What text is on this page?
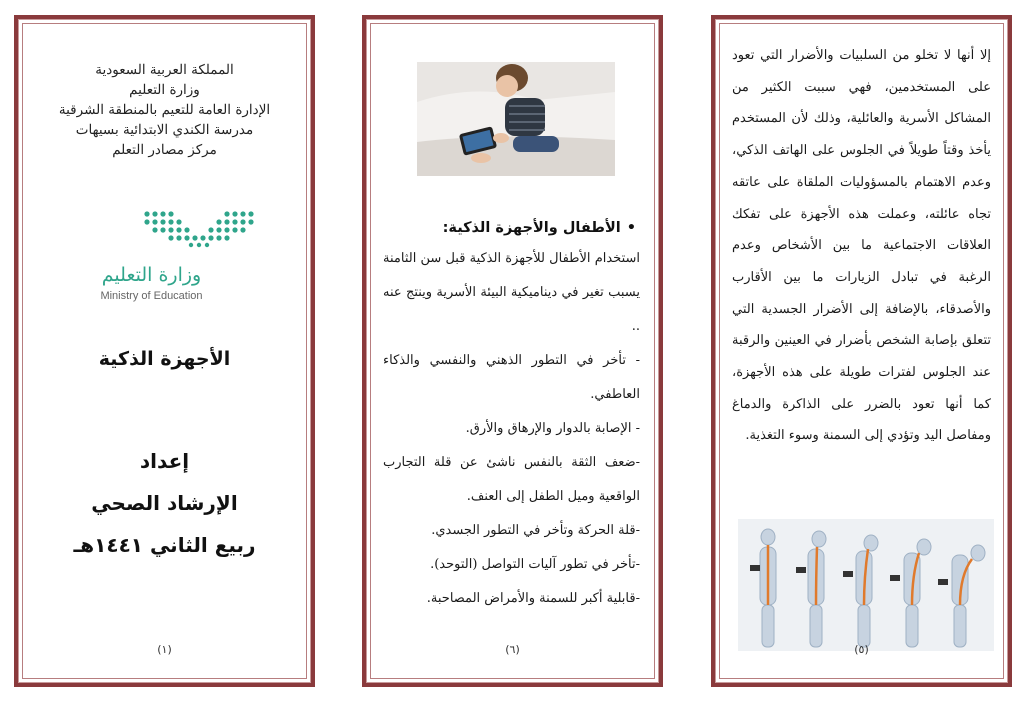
المملكة العربية السعودية
وزارة التعليم
الإدارة العامة للتعيم بالمنطقة الشرقية
مدرسة الكندي الابتدائية بسيهات
مركز مصادر التعلم
وزارة التعليم
Ministry of Education
الأجهزة الذكية
إعداد
الإرشاد الصحي
ربيع الثاني ١٤٤١هـ
(١)
•الأطفال والأجهزة الذكية:
استخدام الأطفال للأجهزة الذكية قبل سن الثامنة يسبب تغير في ديناميكية البيئة الأسرية وينتج عنه ..
- تأخر في التطور الذهني والنفسي والذكاء العاطفي.
- الإصابة بالدوار والإرهاق والأرق.
-ضعف الثقة بالنفس ناشئ عن قلة التجارب الواقعية وميل الطفل إلى العنف.
-قلة الحركة وتأخر في التطور الجسدي.
-تأخر في تطور آليات التواصل (التوحد).
-قابلية أكبر للسمنة والأمراض المصاحبة.
(٦)
إلا أنها لا تخلو من السلبيات والأضرار التي تعود على المستخدمين، فهي سببت الكثير من المشاكل الأسرية والعائلية، وذلك لأن المستخدم يأخذ وقتاً طويلاً في الجلوس على الهاتف الذكي، وعدم الاهتمام بالمسؤوليات الملقاة على عاتقه تجاه عائلته، وعملت هذه الأجهزة على تفكك العلاقات الاجتماعية ما بين الأشخاص وعدم الرغبة في تبادل الزيارات ما بين الأقارب والأصدقاء، بالإضافة إلى الأضرار الجسدية التي تتعلق بإصابة الشخص بأضرار في العينين والرقبة عند الجلوس لفترات طويلة على هذه الأجهزة، كما أنها تعود بالضرر على الذاكرة والدماغ ومفاصل اليد وتؤدي إلى السمنة وسوء التغذية.
(٥)
